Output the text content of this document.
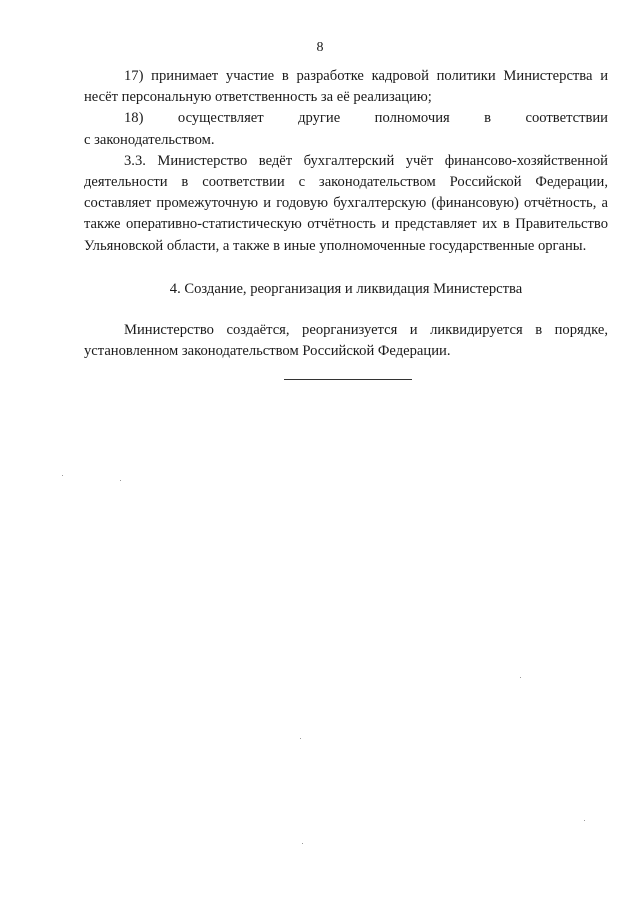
8

17) принимает участие в разработке кадровой политики Министерства и несёт персональную ответственность за её реализацию;

18) осуществляет другие полномочия в соответствии

с законодательством.

3.3. Министерство ведёт бухгалтерский учёт финансово-хозяйственной деятельности в соответствии с законодательством Российской Федерации, составляет промежуточную и годовую бухгалтерскую (финансовую) отчётность, а также оперативно-статистическую отчётность и представляет их в Правительство Ульяновской области, а также в иные уполномоченные государственные органы.

4. Создание, реорганизация и ликвидация Министерства

Министерство создаётся, реорганизуется и ликвидируется в порядке, установленном законодательством Российской Федерации.
